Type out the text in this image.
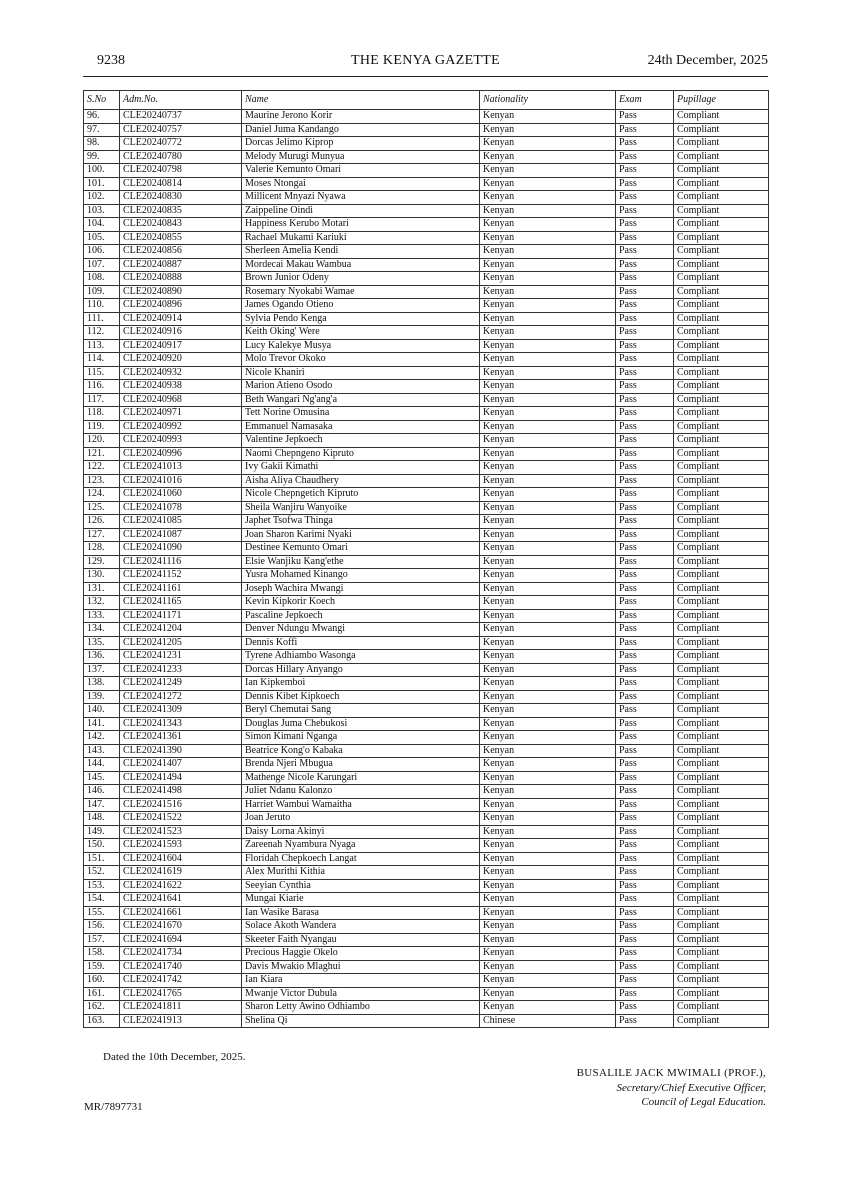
9238	THE KENYA GAZETTE	24th December, 2025
S.No	Adm.No.	Name	Nationality	Exam	Pupillage
96.	CLE20240737	Maurine Jerono Korir	Kenyan	Pass	Compliant
97.	CLE20240757	Daniel Juma Kandango	Kenyan	Pass	Compliant
98.	CLE20240772	Dorcas Jelimo Kiprop	Kenyan	Pass	Compliant
99.	CLE20240780	Melody Murugi Munyua	Kenyan	Pass	Compliant
100.	CLE20240798	Valerie Kemunto Omari	Kenyan	Pass	Compliant
101.	CLE20240814	Moses Ntongai	Kenyan	Pass	Compliant
102.	CLE20240830	Millicent Mnyazi Nyawa	Kenyan	Pass	Compliant
103.	CLE20240835	Zaippeline Oindi	Kenyan	Pass	Compliant
104.	CLE20240843	Happiness Kerubo Motari	Kenyan	Pass	Compliant
105.	CLE20240855	Rachael Mukami Kariuki	Kenyan	Pass	Compliant
106.	CLE20240856	Sherleen Amelia Kendi	Kenyan	Pass	Compliant
107.	CLE20240887	Mordecai Makau Wambua	Kenyan	Pass	Compliant
108.	CLE20240888	Brown Junior Odeny	Kenyan	Pass	Compliant
109.	CLE20240890	Rosemary Nyokabi Wamae	Kenyan	Pass	Compliant
110.	CLE20240896	James Ogando Otieno	Kenyan	Pass	Compliant
111.	CLE20240914	Sylvia Pendo Kenga	Kenyan	Pass	Compliant
112.	CLE20240916	Keith Oking' Were	Kenyan	Pass	Compliant
113.	CLE20240917	Lucy Kalekye Musya	Kenyan	Pass	Compliant
114.	CLE20240920	Molo Trevor Okoko	Kenyan	Pass	Compliant
115.	CLE20240932	Nicole Khaniri	Kenyan	Pass	Compliant
116.	CLE20240938	Marion Atieno Osodo	Kenyan	Pass	Compliant
117.	CLE20240968	Beth Wangari Ng'ang'a	Kenyan	Pass	Compliant
118.	CLE20240971	Tett Norine Omusina	Kenyan	Pass	Compliant
119.	CLE20240992	Emmanuel Namasaka	Kenyan	Pass	Compliant
120.	CLE20240993	Valentine Jepkoech	Kenyan	Pass	Compliant
121.	CLE20240996	Naomi Chepngeno Kipruto	Kenyan	Pass	Compliant
122.	CLE20241013	Ivy Gakii Kimathi	Kenyan	Pass	Compliant
123.	CLE20241016	Aisha Aliya Chaudhery	Kenyan	Pass	Compliant
124.	CLE20241060	Nicole Chepngetich Kipruto	Kenyan	Pass	Compliant
125.	CLE20241078	Sheila Wanjiru Wanyoike	Kenyan	Pass	Compliant
126.	CLE20241085	Japhet Tsofwa Thinga	Kenyan	Pass	Compliant
127.	CLE20241087	Joan Sharon Karimi Nyaki	Kenyan	Pass	Compliant
128.	CLE20241090	Destinee Kemunto Omari	Kenyan	Pass	Compliant
129.	CLE20241116	Elsie Wanjiku Kang'ethe	Kenyan	Pass	Compliant
130.	CLE20241152	Yusra Mohamed Kinango	Kenyan	Pass	Compliant
131.	CLE20241161	Joseph Wachira Mwangi	Kenyan	Pass	Compliant
132.	CLE20241165	Kevin Kipkorir Koech	Kenyan	Pass	Compliant
133.	CLE20241171	Pascaline Jepkoech	Kenyan	Pass	Compliant
134.	CLE20241204	Denver Ndungu Mwangi	Kenyan	Pass	Compliant
135.	CLE20241205	Dennis Koffi	Kenyan	Pass	Compliant
136.	CLE20241231	Tyrene Adhiambo Wasonga	Kenyan	Pass	Compliant
137.	CLE20241233	Dorcas Hillary Anyango	Kenyan	Pass	Compliant
138.	CLE20241249	Ian Kipkemboi	Kenyan	Pass	Compliant
139.	CLE20241272	Dennis Kibet Kipkoech	Kenyan	Pass	Compliant
140.	CLE20241309	Beryl Chemutai Sang	Kenyan	Pass	Compliant
141.	CLE20241343	Douglas Juma Chebukosi	Kenyan	Pass	Compliant
142.	CLE20241361	Simon Kimani Nganga	Kenyan	Pass	Compliant
143.	CLE20241390	Beatrice Kong'o Kabaka	Kenyan	Pass	Compliant
144.	CLE20241407	Brenda Njeri Mbugua	Kenyan	Pass	Compliant
145.	CLE20241494	Mathenge Nicole Karungari	Kenyan	Pass	Compliant
146.	CLE20241498	Juliet Ndanu Kalonzo	Kenyan	Pass	Compliant
147.	CLE20241516	Harriet Wambui Wamaitha	Kenyan	Pass	Compliant
148.	CLE20241522	Joan Jeruto	Kenyan	Pass	Compliant
149.	CLE20241523	Daisy Lorna Akinyi	Kenyan	Pass	Compliant
150.	CLE20241593	Zareenah Nyambura Nyaga	Kenyan	Pass	Compliant
151.	CLE20241604	Floridah Chepkoech Langat	Kenyan	Pass	Compliant
152.	CLE20241619	Alex Murithi Kithia	Kenyan	Pass	Compliant
153.	CLE20241622	Seeyian Cynthia	Kenyan	Pass	Compliant
154.	CLE20241641	Mungai Kiarie	Kenyan	Pass	Compliant
155.	CLE20241661	Ian Wasike Barasa	Kenyan	Pass	Compliant
156.	CLE20241670	Solace Akoth Wandera	Kenyan	Pass	Compliant
157.	CLE20241694	Skeeter Faith Nyangau	Kenyan	Pass	Compliant
158.	CLE20241734	Precious Haggie Okelo	Kenyan	Pass	Compliant
159.	CLE20241740	Davis Mwakio Mlaghui	Kenyan	Pass	Compliant
160.	CLE20241742	Ian Kiara	Kenyan	Pass	Compliant
161.	CLE20241765	Mwanje Victor Dubula	Kenyan	Pass	Compliant
162.	CLE20241811	Sharon Letty Awino Odhiambo	Kenyan	Pass	Compliant
163.	CLE20241913	Shelina Qi	Chinese	Pass	Compliant
Dated the 10th December, 2025.
BUSALILE JACK MWIMALI (PROF.),
Secretary/Chief Executive Officer,
Council of Legal Education.
MR/7897731
